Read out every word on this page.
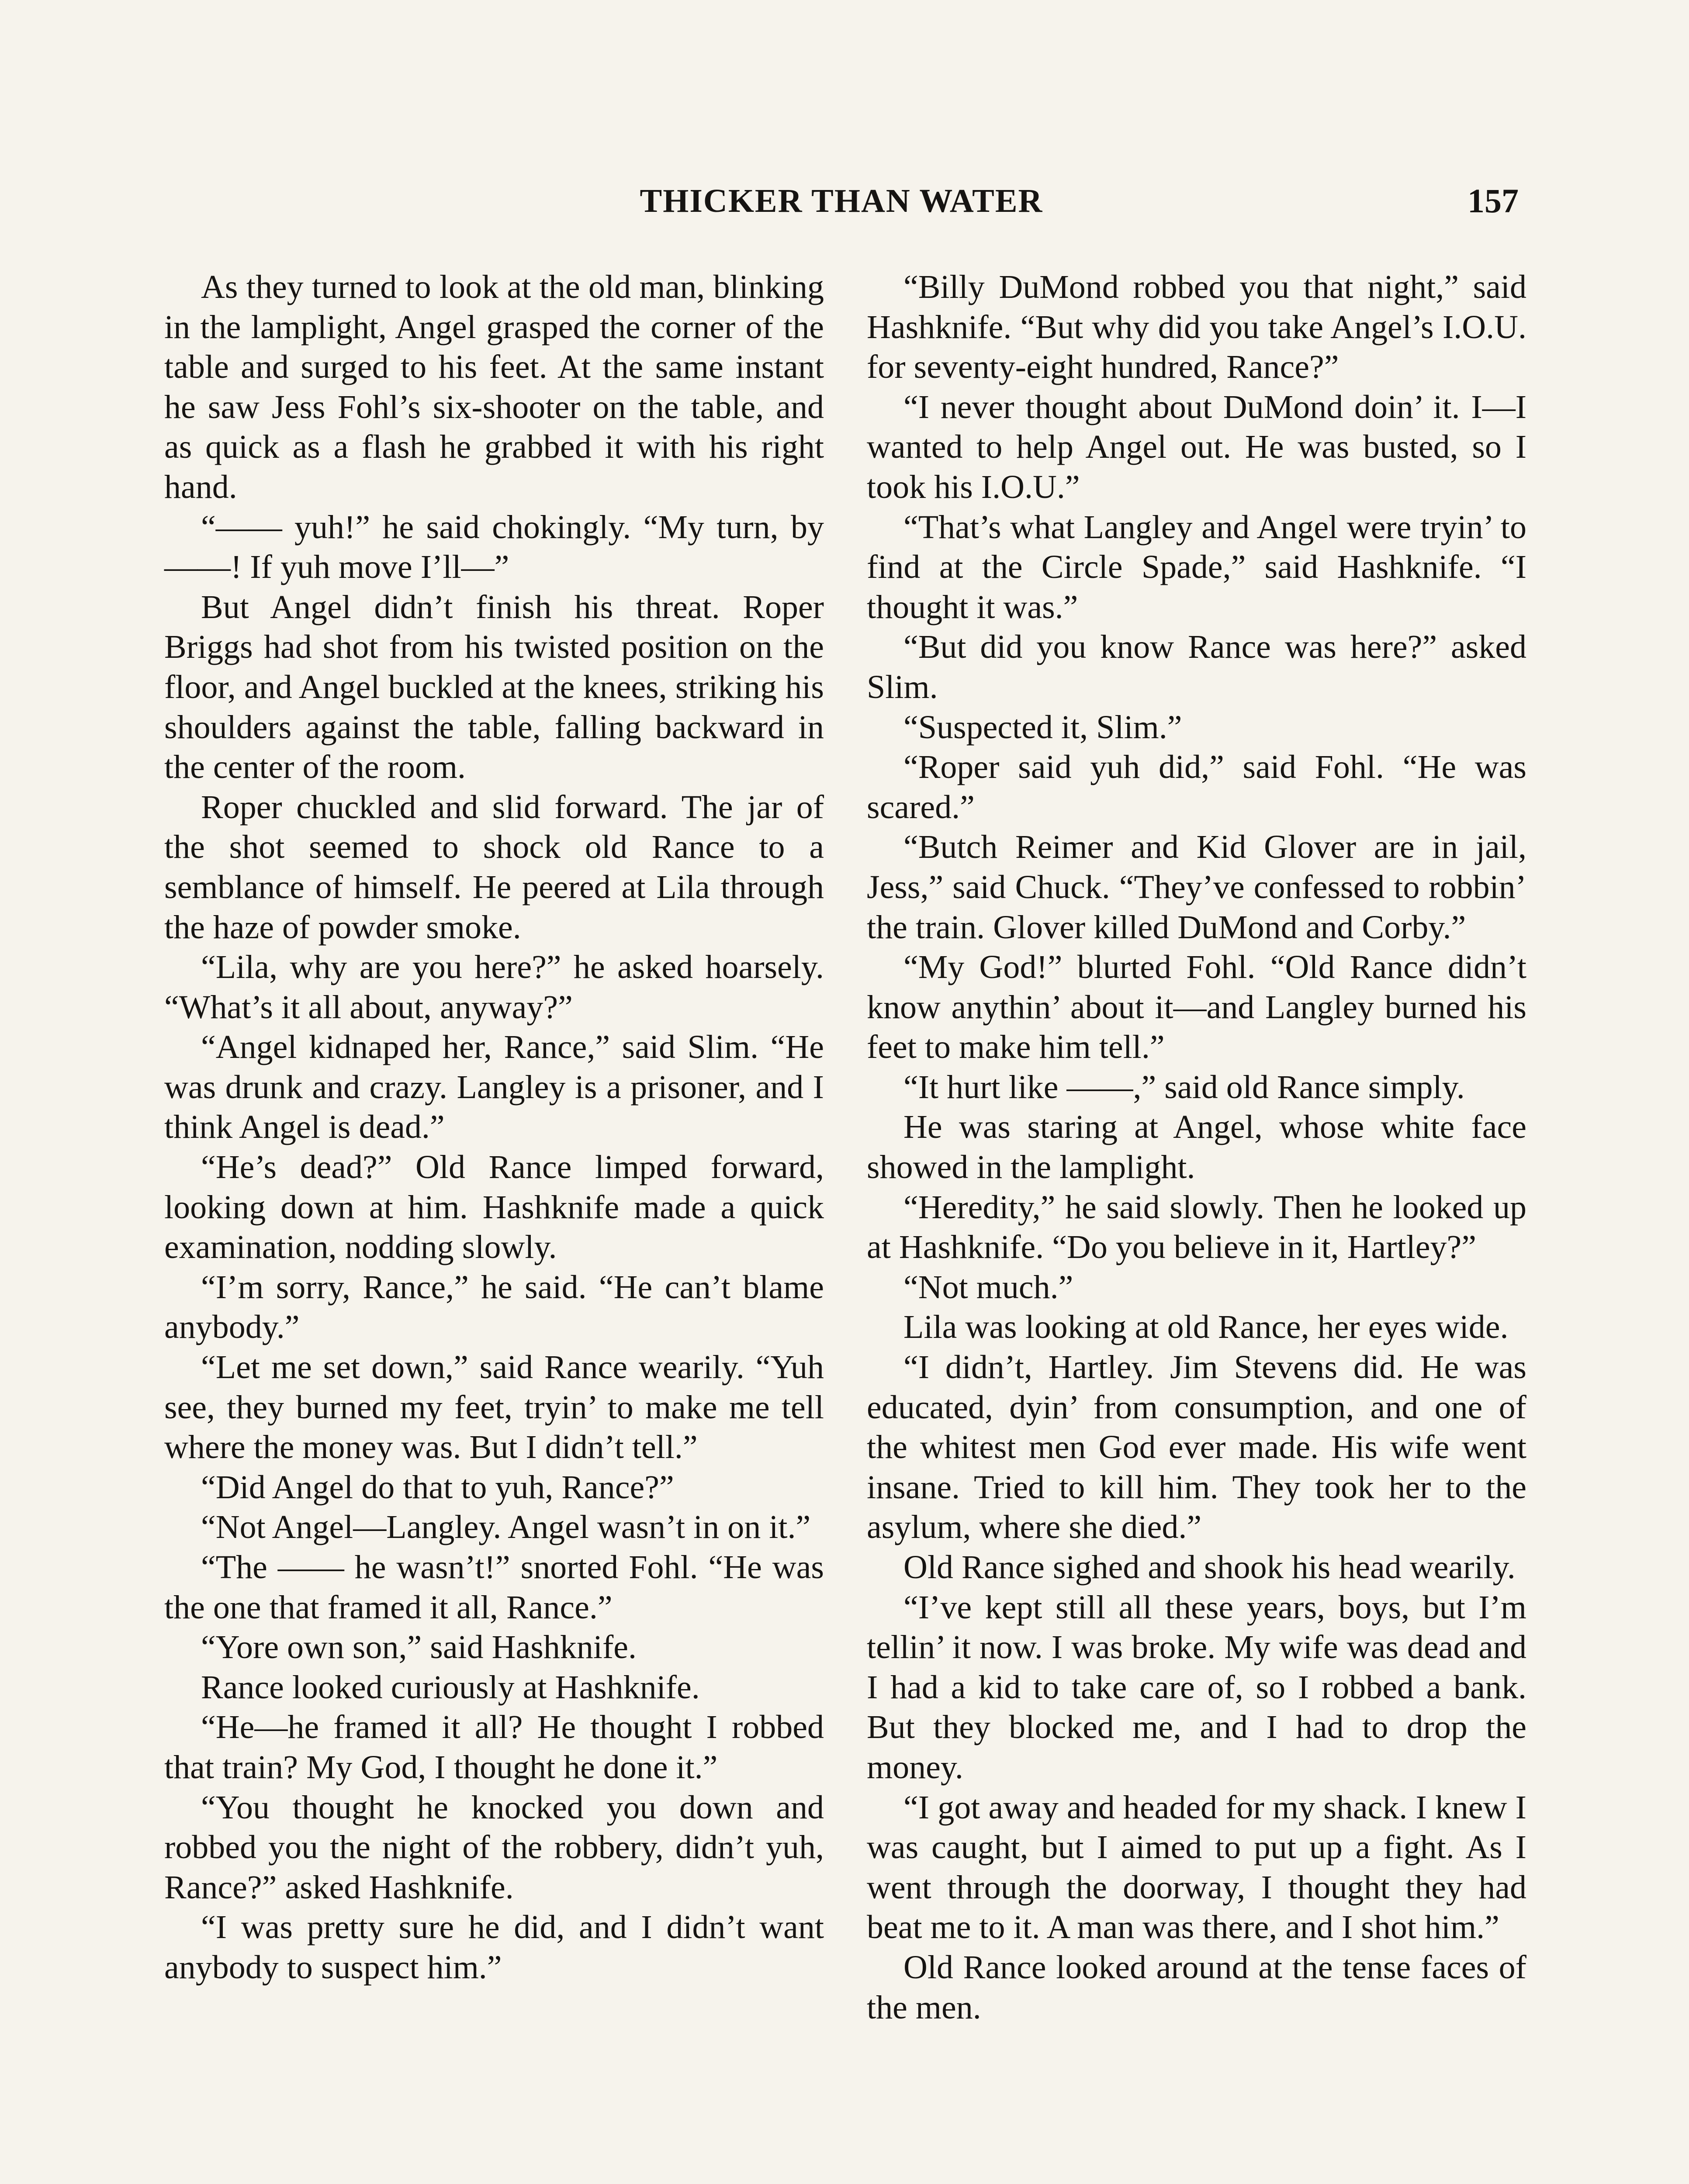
THICKER THAN WATER	157

As they turned to look at the old man, blinking in the lamplight, Angel grasped the corner of the table and surged to his feet. At the same instant he saw Jess Fohl’s six-shooter on the table, and as quick as a flash he grabbed it with his right hand.

“—— yuh!” he said chokingly. “My turn, by ——! If yuh move I’ll—”

But Angel didn’t finish his threat. Roper Briggs had shot from his twisted position on the floor, and Angel buckled at the knees, striking his shoulders against the table, falling backward in the center of the room.

Roper chuckled and slid forward. The jar of the shot seemed to shock old Rance to a semblance of himself. He peered at Lila through the haze of powder smoke.

“Lila, why are you here?” he asked hoarsely. “What’s it all about, anyway?”

“Angel kidnaped her, Rance,” said Slim. “He was drunk and crazy. Langley is a prisoner, and I think Angel is dead.”

“He’s dead?” Old Rance limped forward, looking down at him. Hashknife made a quick examination, nodding slowly.

“I’m sorry, Rance,” he said. “He can’t blame anybody.”

“Let me set down,” said Rance wearily. “Yuh see, they burned my feet, tryin’ to make me tell where the money was. But I didn’t tell.”

“Did Angel do that to yuh, Rance?”

“Not Angel—Langley. Angel wasn’t in on it.”

“The —— he wasn’t!” snorted Fohl. “He was the one that framed it all, Rance.”

“Yore own son,” said Hashknife.

Rance looked curiously at Hashknife.

“He—he framed it all? He thought I robbed that train? My God, I thought he done it.”

“You thought he knocked you down and robbed you the night of the robbery, didn’t yuh, Rance?” asked Hashknife.

“I was pretty sure he did, and I didn’t want anybody to suspect him.”

“Billy DuMond robbed you that night,” said Hashknife. “But why did you take Angel’s I.O.U. for seventy-eight hundred, Rance?”

“I never thought about DuMond doin’ it. I—I wanted to help Angel out. He was busted, so I took his I.O.U.”

“That’s what Langley and Angel were tryin’ to find at the Circle Spade,” said Hashknife. “I thought it was.”

“But did you know Rance was here?” asked Slim.

“Suspected it, Slim.”

“Roper said yuh did,” said Fohl. “He was scared.”

“Butch Reimer and Kid Glover are in jail, Jess,” said Chuck. “They’ve confessed to robbin’ the train. Glover killed DuMond and Corby.”

“My God!” blurted Fohl. “Old Rance didn’t know anythin’ about it—and Langley burned his feet to make him tell.”

“It hurt like ——,” said old Rance simply.

He was staring at Angel, whose white face showed in the lamplight.

“Heredity,” he said slowly. Then he looked up at Hashknife. “Do you believe in it, Hartley?”

“Not much.”

Lila was looking at old Rance, her eyes wide.

“I didn’t, Hartley. Jim Stevens did. He was educated, dyin’ from consumption, and one of the whitest men God ever made. His wife went insane. Tried to kill him. They took her to the asylum, where she died.”

Old Rance sighed and shook his head wearily.

“I’ve kept still all these years, boys, but I’m tellin’ it now. I was broke. My wife was dead and I had a kid to take care of, so I robbed a bank. But they blocked me, and I had to drop the money.

“I got away and headed for my shack. I knew I was caught, but I aimed to put up a fight. As I went through the doorway, I thought they had beat me to it. A man was there, and I shot him.”

Old Rance looked around at the tense faces of the men.
